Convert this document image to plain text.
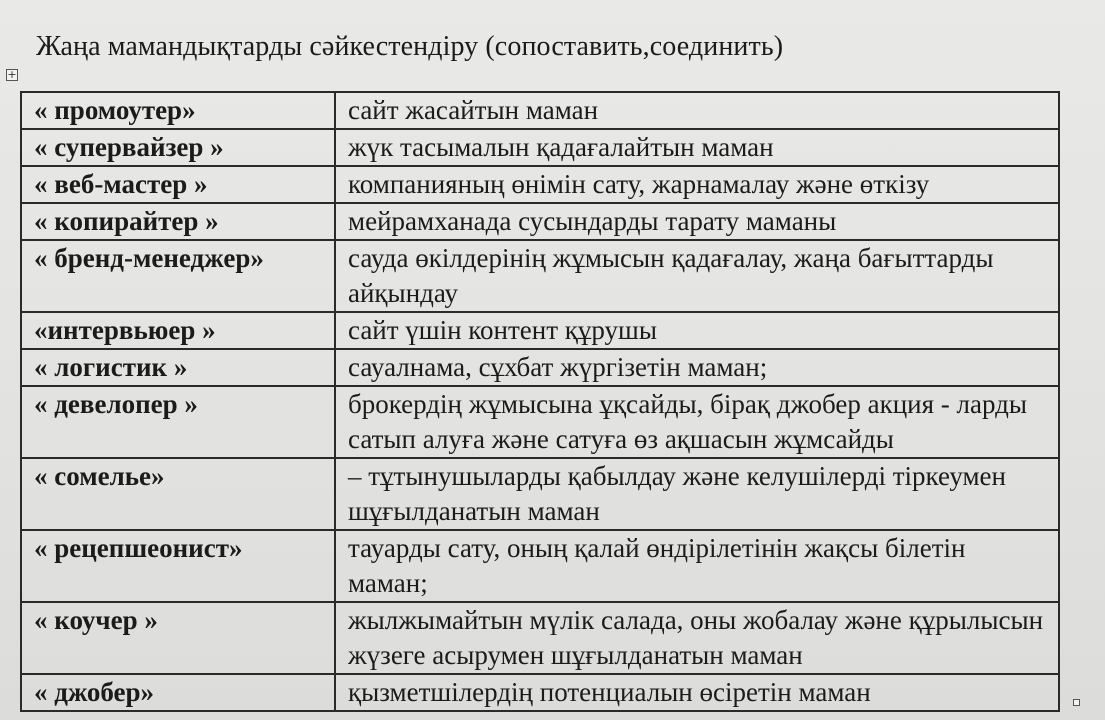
Жаңа мамандықтарды сәйкестендіру (сопоставить,соединить)
+
« промоутер»	сайт жасайтын маман
« супервайзер »	жүк тасымалын қадағалайтын маман
« веб-мастер »	компанияның өнімін сату, жарнамалау және өткізу
« копирайтер »	мейрамханада сусындарды тарату маманы
« бренд-менеджер»	сауда өкілдерінің жұмысын қадағалау, жаңа бағыттарды айқындау
«интервьюер »	сайт үшін контент құрушы
« логистик »	сауалнама, сұхбат жүргізетін маман;
« девелопер »	брокердің жұмысына ұқсайды, бірақ джобер акция - ларды сатып алуға және сатуға өз ақшасын жұмсайды
« сомелье»	– тұтынушыларды қабылдау және келушілерді тіркеумен шұғылданатын маман
« рецепшеонист»	тауарды сату, оның қалай өндірілетінін жақсы білетін маман;
« коучер »	жылжымайтын мүлік салада, оны жобалау және құрылысын жүзеге асырумен шұғылданатын маман
« джобер»	қызметшілердің потенциалын өсіретін маман
